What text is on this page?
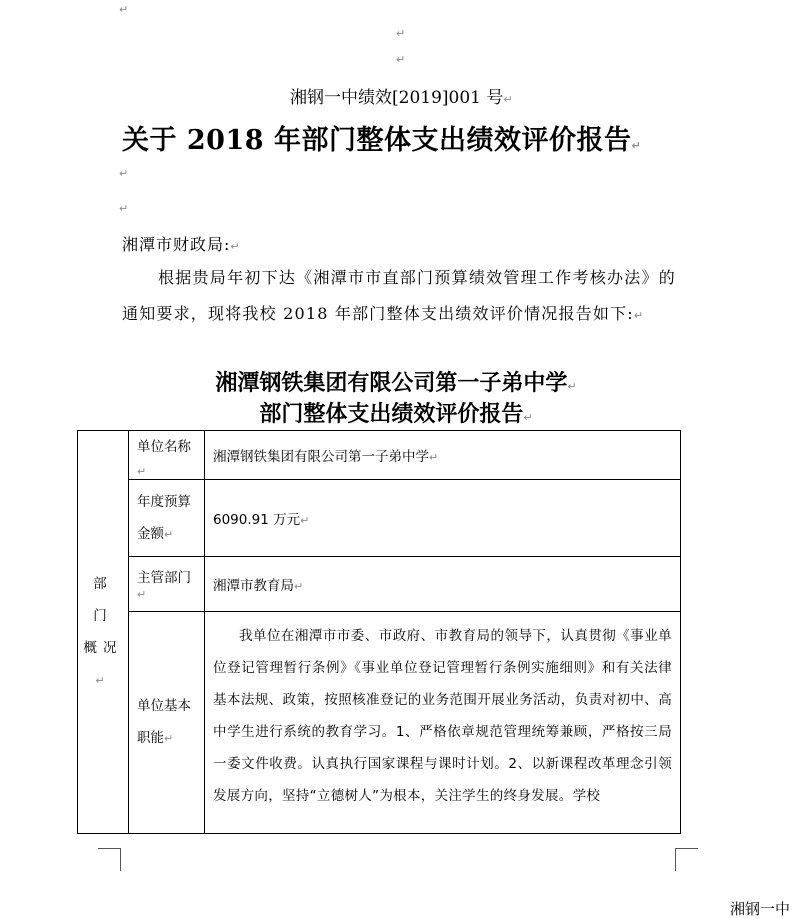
↵
↵
↵
湘钢一中绩效[2019]001 号↵
关于 2018 年部门整体支出绩效评价报告↵
↵
↵
湘潭市财政局:↵

根据贵局年初下达《湘潭市市直部门预算绩效管理工作考核办法》的通知要求，现将我校 2018 年部门整体支出绩效评价情况报告如下:↵

湘潭钢铁集团有限公司第一子弟中学↵
部门整体支出绩效评价报告↵
部 门 概况↵	单位名称↵	湘潭钢铁集团有限公司第一子弟中学↵

	年度预算金额↵	6090.91 万元↵
	主管部门↵	湘潭市教育局↵

	单位基本职能↵	我单位在湘潭市市委、市政府、市教育局的领导下，认真贯彻《事业单位登记管理暂行条例》《事业单位登记管理暂行条例实施细则》和有关法律基本法规、政策，按照核准登记的业务范围开展业务活动，负责对初中、高中学生进行系统的教育学习。1、严格依章规范管理统筹兼顾，严格按三局一委文件收费。认真执行国家课程与课时计划。2、以新课程改革理念引领发展方向，坚持“立德树人”为根本，关注学生的终身发展。学校

湘钢一中
